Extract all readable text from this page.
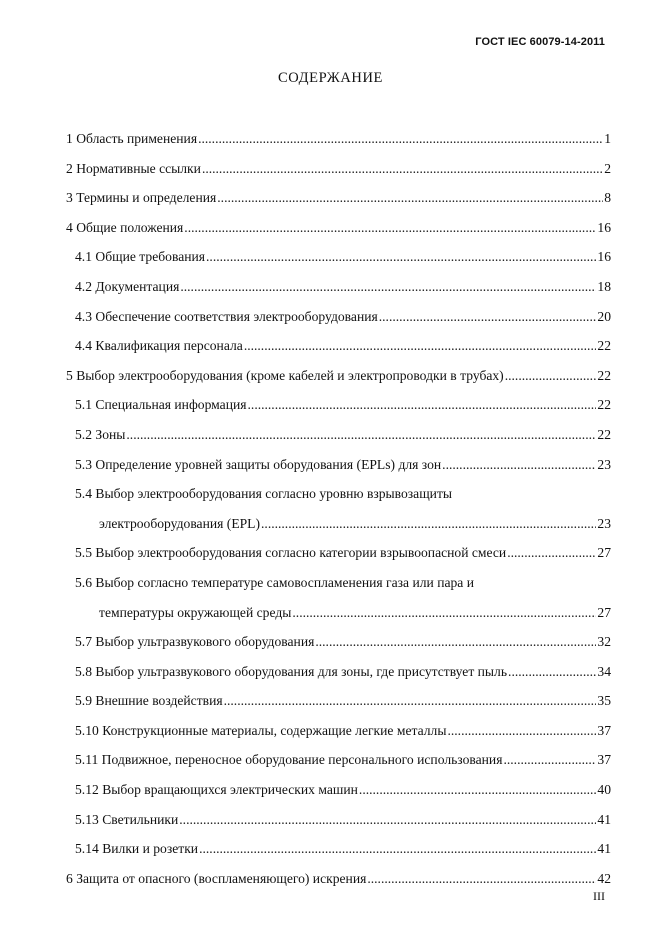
ГОСТ IEC 60079-14-2011
СОДЕРЖАНИЕ
1 Область применения .....	1
2 Нормативные ссылки .....	2
3 Термины и определения .....	8
4 Общие положения .....	16
4.1 Общие требования .....	16
4.2 Документация .....	18
4.3 Обеспечение соответствия электрооборудования .....	20
4.4 Квалификация персонала .....	22
5 Выбор электрооборудования (кроме кабелей и электропроводки в трубах) .....	22
5.1 Специальная информация .....	22
5.2 Зоны .....	22
5.3 Определение уровней защиты оборудования (EPLs) для зон .....	23
5.4 Выбор электрооборудования согласно уровню взрывозащиты
электрооборудования (EPL) .....	23
5.5 Выбор электрооборудования согласно категории взрывоопасной смеси .....	27
5.6 Выбор согласно температуре самовоспламенения газа или пара и
температуры окружающей среды .....	27
5.7 Выбор ультразвукового оборудования .....	32
5.8 Выбор ультразвукового оборудования для зоны, где присутствует пыль .....	34
5.9 Внешние воздействия .....	35
5.10 Конструкционные материалы, содержащие легкие металлы .....	37
5.11 Подвижное, переносное оборудование персонального использования .....	37
5.12 Выбор вращающихся электрических машин .....	40
5.13 Светильники .....	41
5.14 Вилки и розетки .....	41
6 Защита от опасного (воспламеняющего) искрения .....	42
III
